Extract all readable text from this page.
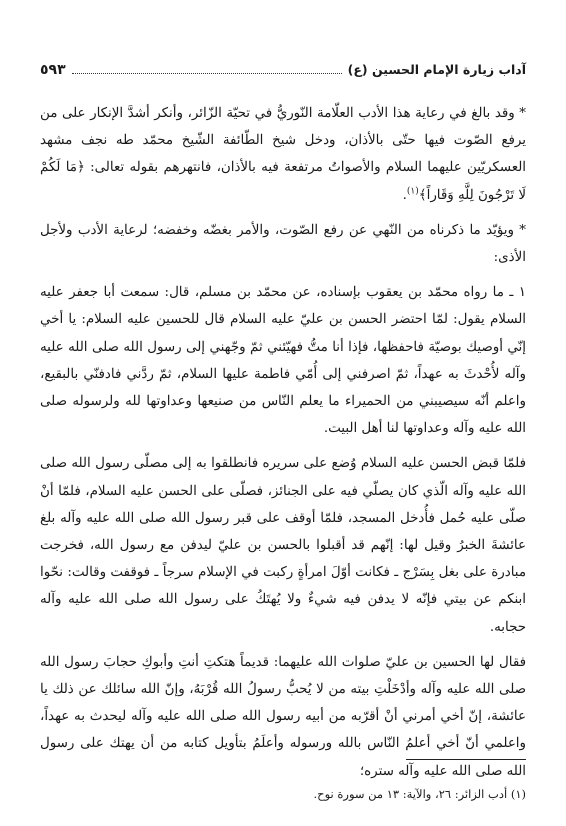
آداب زيارة الإمام الحسين (ع)
٥٩٣

* وقد بالغ في رعاية هذا الأدب العلّامة النّوريُّ في تحيّة الزّائر، وأنكر أشدَّ الإنكار على من يرفع الصّوت فيها حتّى بالأذان، ودخل شيخ الطّائفة الشّيخ محمّد طه نجف مشهد العسكريّين عليهما السلام والأصواتُ مرتفعة فيه بالأذان، فانتهرهم بقوله تعالى: ﴿مَا لَكُمْ لَا تَرْجُونَ لِلَّهِ وَقَاراً﴾$^{(١)}$.

* ويؤيّد ما ذكرناه من النّهي عن رفع الصّوت، والأمر بغضّه وخفضه؛ لرعاية الأدب ولأجل الأذى:

١ ـ ما رواه محمّد بن يعقوب بإسناده، عن محمّد بن مسلم، قال: سمعت أبا جعفر عليه السلام يقول: لمّا احتضر الحسن بن عليّ عليه السلام قال للحسين عليه السلام: يا أخي إنّي أوصيك بوصيّة فاحفظها، فإذا أنا متُّ فهيّئني ثمّ وجّهني إلى رسول الله صلى الله عليه وآله لأُحْدثَ به عهداً، ثمّ اصرفني إلى أُمّي فاطمة عليها السلام، ثمّ ردَّني فادفنّي بالبقيع، واعلم أنّه سيصيبني من الحميراء ما يعلم النّاس من صنيعها وعداوتها لله ولرسوله صلى الله عليه وآله وعداوتها لنا أهل البيت.

فلمّا قبض الحسن عليه السلام وُضع على سريره فانطلقوا به إلى مصلّى رسول الله صلى الله عليه وآله الّذي كان يصلّي فيه على الجنائز، فصلّى على الحسن عليه السلام، فلمّا أنْ صلّى عليه حُمل فأُدخل المسجد، فلمّا أوقف على قبر رسول الله صلى الله عليه وآله بلغ عائشةَ الخبرُ وقيل لها: إنّهم قد أقبلوا بالحسن بن عليّ ليدفن مع رسول الله، فخرجت مبادرة على بغل بِسَرْج ـ فكانت أوّلَ امرأةٍ ركبت في الإسلام سرجاً ـ فوقفت وقالت: نحّوا ابنكم عن بيتي فإنّه لا يدفن فيه شيءٌ ولا يُهتَكُ على رسول الله صلى الله عليه وآله حجابه.

فقال لها الحسين بن عليّ صلوات الله عليهما: قديماً هتكتِ أنتِ وأبوكِ حجابَ رسول الله صلى الله عليه وآله وأدْخَلْتِ بيته من لا يُحبُّ رسولُ الله قُرْبَهُ، وإنّ الله سائلك عن ذلك يا عائشة، إنّ أخي أمرني أنْ أقرّبه من أبيه رسول الله صلى الله عليه وآله ليحدث به عهداً، واعلمي أنّ أخي أعلمُ النّاس بالله ورسوله وأعلَمُ بتأويل كتابه من أن يهتك على رسول الله صلى الله عليه وآله ستره؛

(١) أدب الزائر: ٢٦، والآية: ١٣ من سورة نوح.
